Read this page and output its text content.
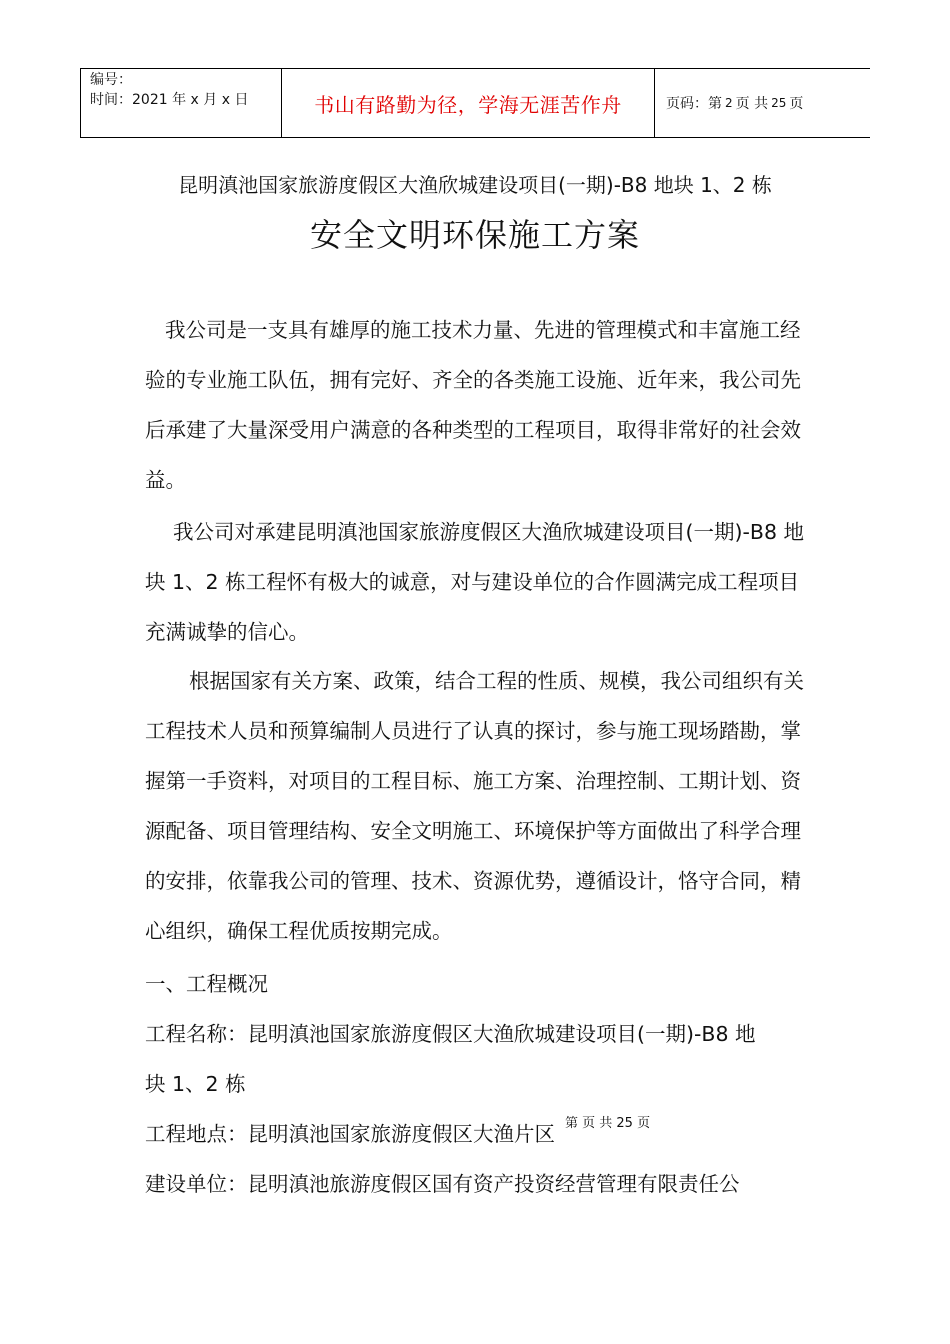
编号：
时间：2021 年 x 月 x 日	书山有路勤为径，学海无涯苦作舟	页码：第 2 页 共 25 页
昆明滇池国家旅游度假区大渔欣城建设项目(一期)-B8 地块 1、2 栋
安全文明环保施工方案
我公司是一支具有雄厚的施工技术力量、先进的管理模式和丰富施工经验的专业施工队伍，拥有完好、齐全的各类施工设施、近年来，我公司先后承建了大量深受用户满意的各种类型的工程项目，取得非常好的社会效益。
我公司对承建昆明滇池国家旅游度假区大渔欣城建设项目(一期)-B8 地块 1、2 栋工程怀有极大的诚意，对与建设单位的合作圆满完成工程项目充满诚挚的信心。
根据国家有关方案、政策，结合工程的性质、规模，我公司组织有关工程技术人员和预算编制人员进行了认真的探讨，参与施工现场踏勘，掌握第一手资料，对项目的工程目标、施工方案、治理控制、工期计划、资源配备、项目管理结构、安全文明施工、环境保护等方面做出了科学合理的安排，依靠我公司的管理、技术、资源优势，遵循设计，恪守合同，精心组织，确保工程优质按期完成。
一、工程概况
工程名称：昆明滇池国家旅游度假区大渔欣城建设项目(一期)-B8 地
块 1、2 栋
工程地点：昆明滇池国家旅游度假区大渔片区 第 页 共 25 页
建设单位：昆明滇池旅游度假区国有资产投资经营管理有限责任公
